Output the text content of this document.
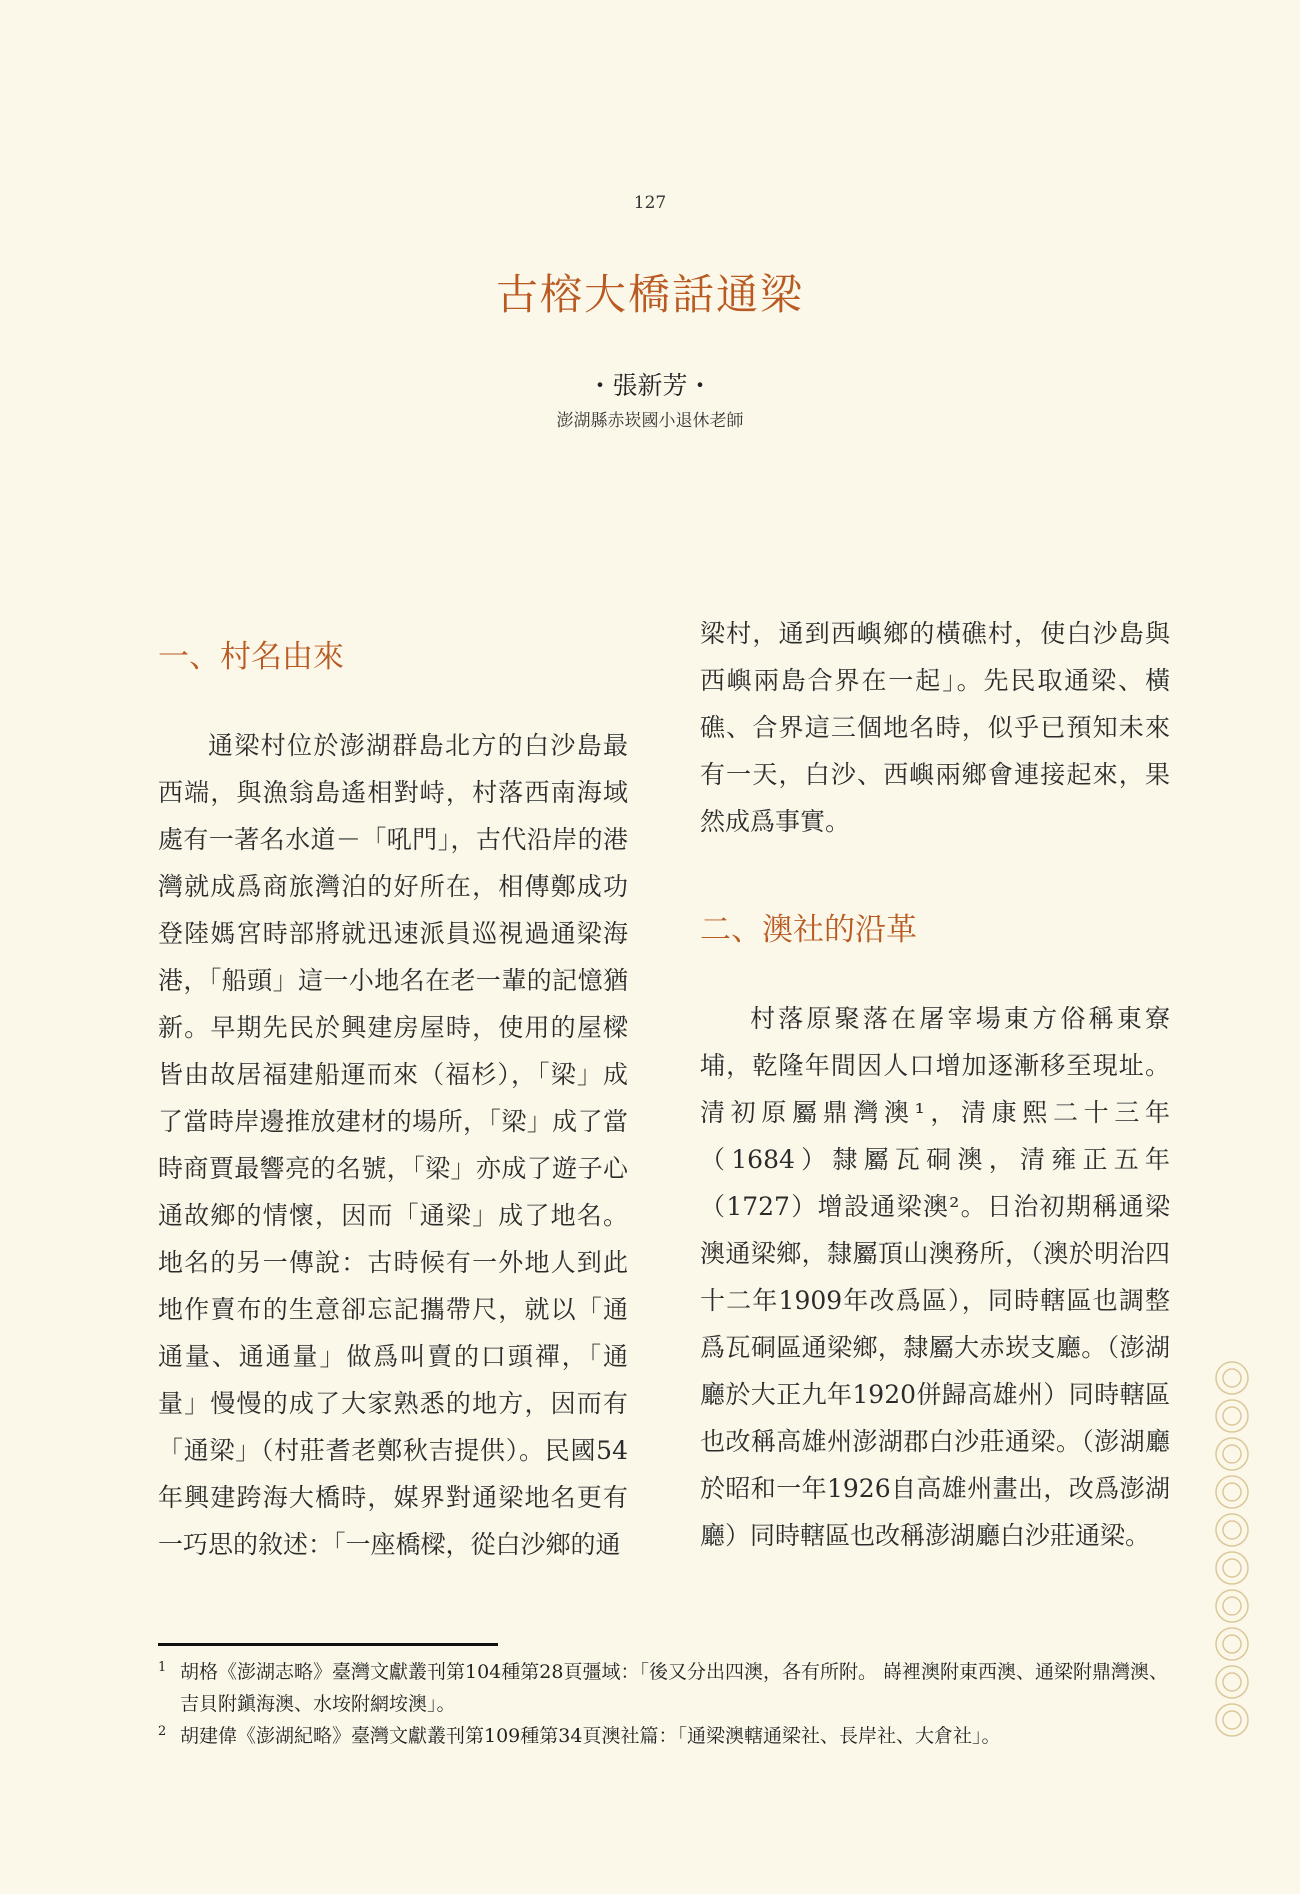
127
古榕大橋話通梁
・張新芳・
澎湖縣赤崁國小退休老師
一、村名由來

通梁村位於澎湖群島北方的白沙島最西端，與漁翁島遙相對峙，村落西南海域處有一著名水道－「吼門」，古代沿岸的港灣就成爲商旅灣泊的好所在，相傳鄭成功登陸媽宮時部將就迅速派員巡視過通梁海港，「船頭」這一小地名在老一輩的記憶猶新。早期先民於興建房屋時，使用的屋樑皆由故居福建船運而來（福杉），「梁」成了當時岸邊推放建材的場所，「梁」成了當時商賈最響亮的名號，「梁」亦成了遊子心通故鄉的情懷，因而「通梁」成了地名。地名的另一傳說：古時候有一外地人到此地作賣布的生意卻忘記攜帶尺，就以「通通量、通通量」做爲叫賣的口頭禪，「通量」慢慢的成了大家熟悉的地方，因而有「通梁」（村莊耆老鄭秋吉提供）。民國54年興建跨海大橋時，媒界對通梁地名更有一巧思的敘述：「一座橋樑，從白沙鄉的通

梁村，通到西嶼鄉的橫礁村，使白沙島與西嶼兩島合界在一起」。先民取通梁、橫礁、合界這三個地名時，似乎已預知未來有一天，白沙、西嶼兩鄉會連接起來，果然成爲事實。

二、澳社的沿革

村落原聚落在屠宰場東方俗稱東寮埔，乾隆年間因人口增加逐漸移至現址。清初原屬鼎灣澳¹，清康熙二十三年（1684）隸屬瓦硐澳，清雍正五年（1727）增設通梁澳²。日治初期稱通梁澳通梁鄉，隸屬頂山澳務所，（澳於明治四十二年1909年改爲區），同時轄區也調整爲瓦硐區通梁鄉，隸屬大赤崁支廳。（澎湖廳於大正九年1920併歸高雄州）同時轄區也改稱高雄州澎湖郡白沙莊通梁。（澎湖廳於昭和一年1926自高雄州畫出，改爲澎湖廳）同時轄區也改稱澎湖廳白沙莊通梁。

1 胡格《澎湖志略》臺灣文獻叢刊第104種第28頁彊域：「後又分出四澳，各有所附。 嵵裡澳附東西澳、通梁附鼎灣澳、吉貝附鎭海澳、水垵附網垵澳」。

2 胡建偉《澎湖紀略》臺灣文獻叢刊第109種第34頁澳社篇：「通梁澳轄通梁社、長岸社、大倉社」。
